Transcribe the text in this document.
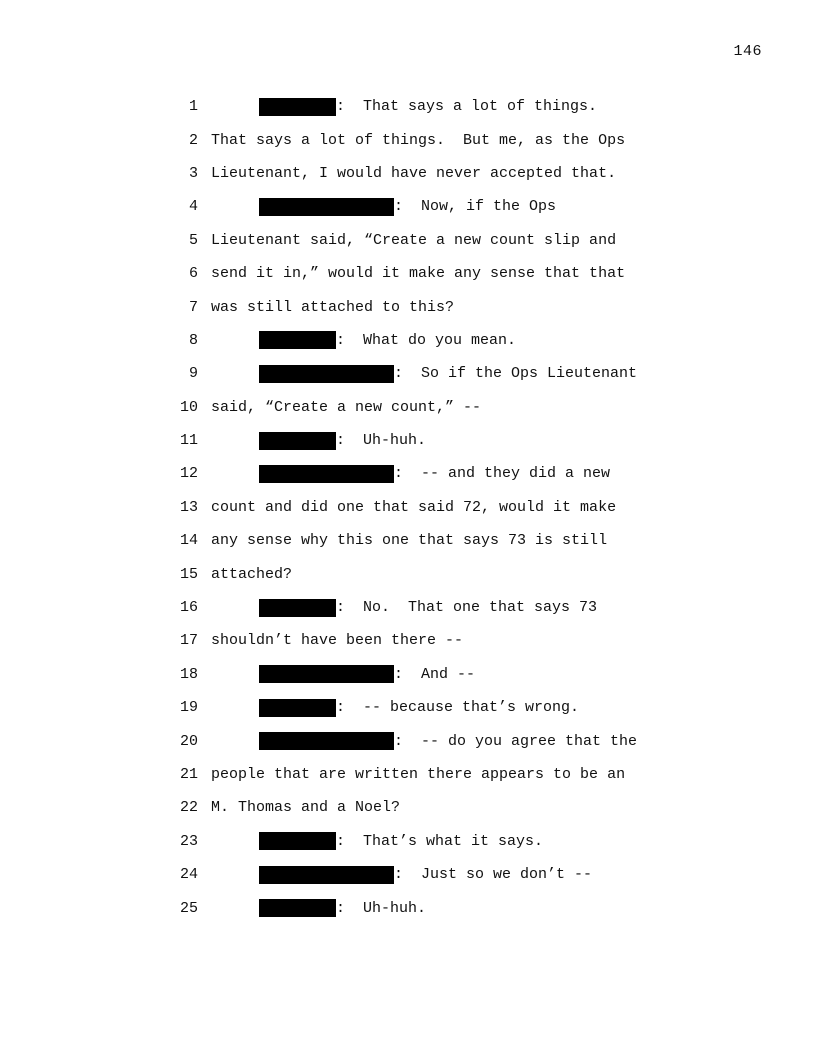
146
1	:  That says a lot of things.
2 That says a lot of things.  But me, as the Ops
3 Lieutenant, I would have never accepted that.
4	:  Now, if the Ops
5 Lieutenant said, “Create a new count slip and
6 send it in,” would it make any sense that that
7 was still attached to this?
8	:  What do you mean.
9	:  So if the Ops Lieutenant
10 said, “Create a new count,” --
11	:  Uh-huh.
12	:  -- and they did a new
13 count and did one that said 72, would it make
14 any sense why this one that says 73 is still
15 attached?
16	:  No.  That one that says 73
17 shouldn’t have been there --
18	:  And --
19	:  -- because that’s wrong.
20	:  -- do you agree that the
21 people that are written there appears to be an
22 M. Thomas and a Noel?
23	:  That’s what it says.
24	:  Just so we don’t --
25	:  Uh-huh.
